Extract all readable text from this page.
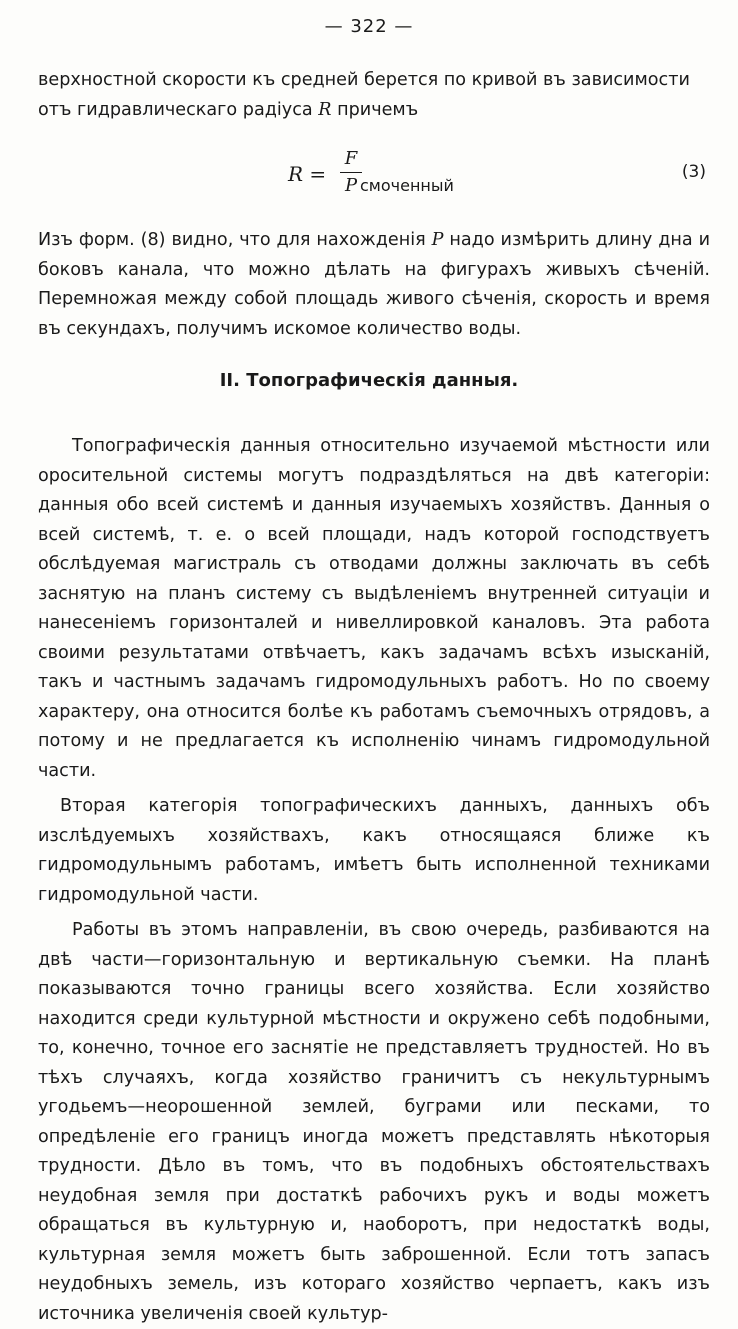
— 322 —

верхностной скорости къ средней берется по кривой въ зависимости

отъ гидравлическаго радіуса R причемъ

R =
F
P смоченный
(3)

Изъ форм. (8) видно, что для нахожденія P надо измѣрить длину дна и боковъ канала, что можно дѣлать на фигурахъ живыхъ сѣченій. Перемножая между собой площадь живого сѣченія, скорость и время въ секундахъ, получимъ искомое количество воды.

II. Топографическія данныя.

Топографическія данныя относительно изучаемой мѣстности или оросительной системы могутъ подраздѣляться на двѣ категоріи: данныя обо всей системѣ и данныя изучаемыхъ хозяйствъ. Данныя о всей системѣ, т. е. о всей площади, надъ которой господствуетъ обслѣдуемая магистраль съ отводами должны заключать въ себѣ заснятую на планъ систему съ выдѣленіемъ внутренней ситуаціи и нанесеніемъ горизонталей и нивеллировкой каналовъ. Эта работа своими результатами отвѣчаетъ, какъ задачамъ всѣхъ изысканій, такъ и частнымъ задачамъ гидромодульныхъ работъ. Но по своему характеру, она относится болѣе къ работамъ съемочныхъ отрядовъ, а потому и не предлагается къ исполненію чинамъ гидромодульной части.

Вторая категорія топографическихъ данныхъ, данныхъ объ изслѣдуемыхъ хозяйствахъ, какъ относящаяся ближе къ гидромодульнымъ работамъ, имѣетъ быть исполненной техниками гидромодульной части.

Работы въ этомъ направленіи, въ свою очередь, разбиваются на двѣ части—горизонтальную и вертикальную съемки. На планѣ показываются точно границы всего хозяйства. Если хозяйство находится среди культурной мѣстности и окружено себѣ подобными, то, конечно, точное его заснятіе не представляетъ трудностей. Но въ тѣхъ случаяхъ, когда хозяйство граничитъ съ некультурнымъ угодьемъ—неорошенной землей, буграми или песками, то опредѣленіе его границъ иногда можетъ представлять нѣкоторыя трудности. Дѣло въ томъ, что въ подобныхъ обстоятельствахъ неудобная земля при достаткѣ рабочихъ рукъ и воды можетъ обращаться въ культурную и, наоборотъ, при недостаткѣ воды, культурная земля можетъ быть заброшенной. Если тотъ запасъ неудобныхъ земель, изъ котораго хозяйство черпаетъ, какъ изъ источника увеличенія своей культур-
